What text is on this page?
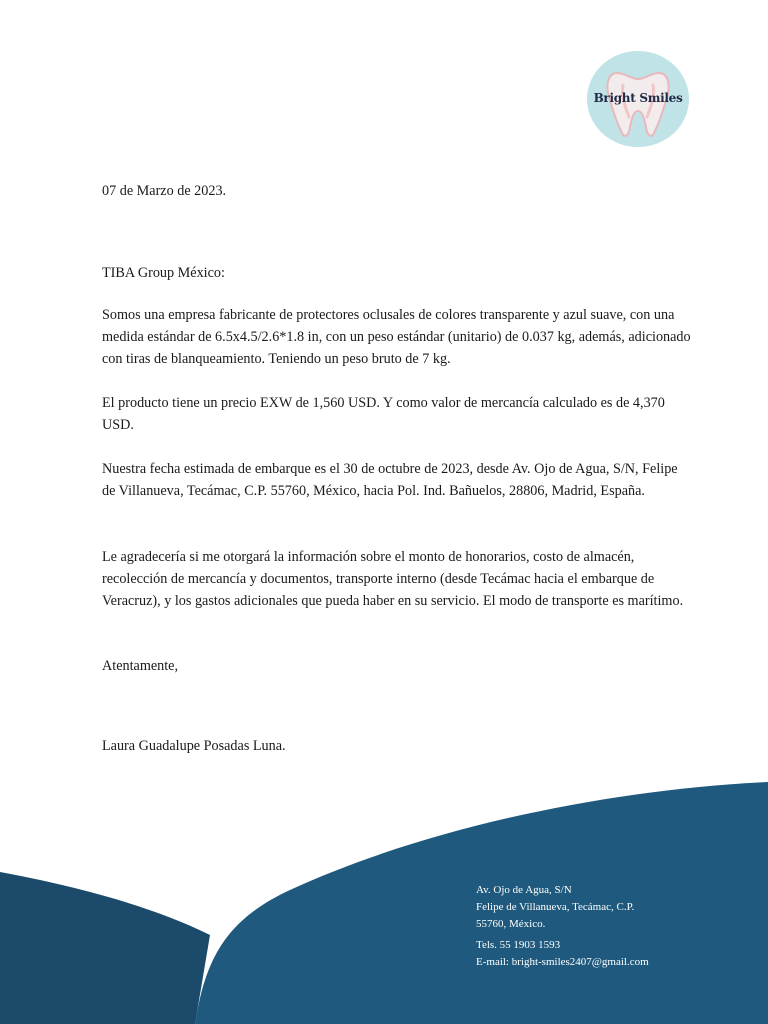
Bright Smiles

07 de Marzo de 2023.

TIBA Group México:

Somos una empresa fabricante de protectores oclusales de colores transparente y azul suave, con una medida estándar de 6.5x4.5/2.6*1.8 in, con un peso estándar (unitario) de 0.037 kg, además, adicionado con tiras de blanqueamiento. Teniendo un peso bruto de 7 kg.

El producto tiene un precio EXW de 1,560 USD. Y como valor de mercancía calculado es de 4,370 USD.

Nuestra fecha estimada de embarque es el 30 de octubre de 2023, desde Av. Ojo de Agua, S/N, Felipe de Villanueva, Tecámac, C.P. 55760, México, hacia Pol. Ind. Bañuelos, 28806, Madrid, España.

Le agradecería si me otorgará la información sobre el monto de honorarios, costo de almacén, recolección de mercancía y documentos, transporte interno (desde Tecámac hacia el embarque de Veracruz), y los gastos adicionales que pueda haber en su servicio. El modo de transporte es marítimo.

Atentamente,

Laura Guadalupe Posadas Luna.

Av. Ojo de Agua, S/N
Felipe de Villanueva, Tecámac, C.P.
55760, México.
Tels. 55 1903 1593
E-mail: bright-smiles2407@gmail.com
